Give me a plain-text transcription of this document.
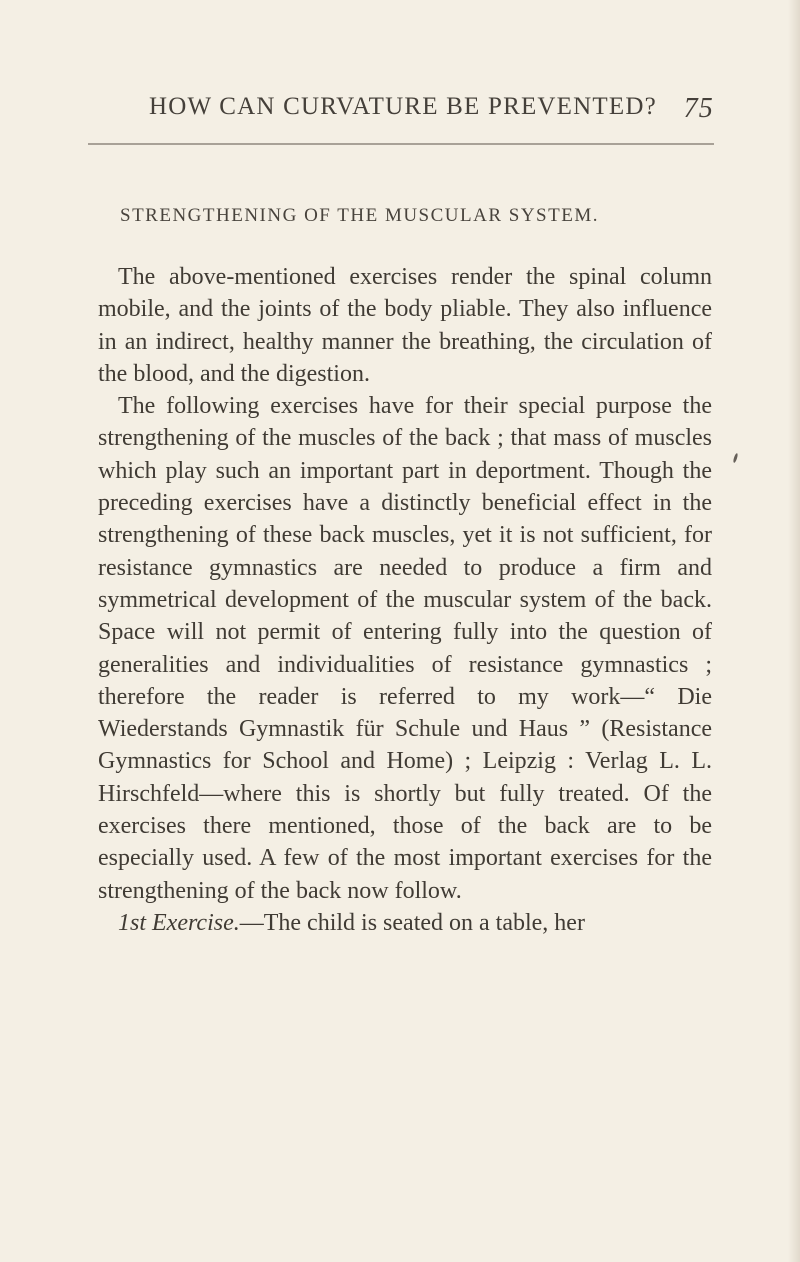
HOW CAN CURVATURE BE PREVENTED? 75
STRENGTHENING OF THE MUSCULAR SYSTEM.

The above-mentioned exercises render the spinal column mobile, and the joints of the body pliable. They also influence in an indirect, healthy manner the breathing, the circulation of the blood, and the digestion.

The following exercises have for their special purpose the strengthening of the muscles of the back ; that mass of muscles which play such an important part in deportment. Though the preceding exercises have a distinctly beneficial effect in the strengthening of these back muscles, yet it is not sufficient, for resistance gymnastics are needed to produce a firm and symmetrical development of the muscular system of the back. Space will not permit of entering fully into the question of generalities and individualities of resistance gymnastics ; therefore the reader is referred to my work—“ Die Wiederstands Gymnastik für Schule und Haus ” (Resistance Gymnastics for School and Home) ; Leipzig : Verlag L. L. Hirschfeld—where this is shortly but fully treated. Of the exercises there mentioned, those of the back are to be especially used. A few of the most important exercises for the strengthening of the back now follow.

1st Exercise.—The child is seated on a table, her
